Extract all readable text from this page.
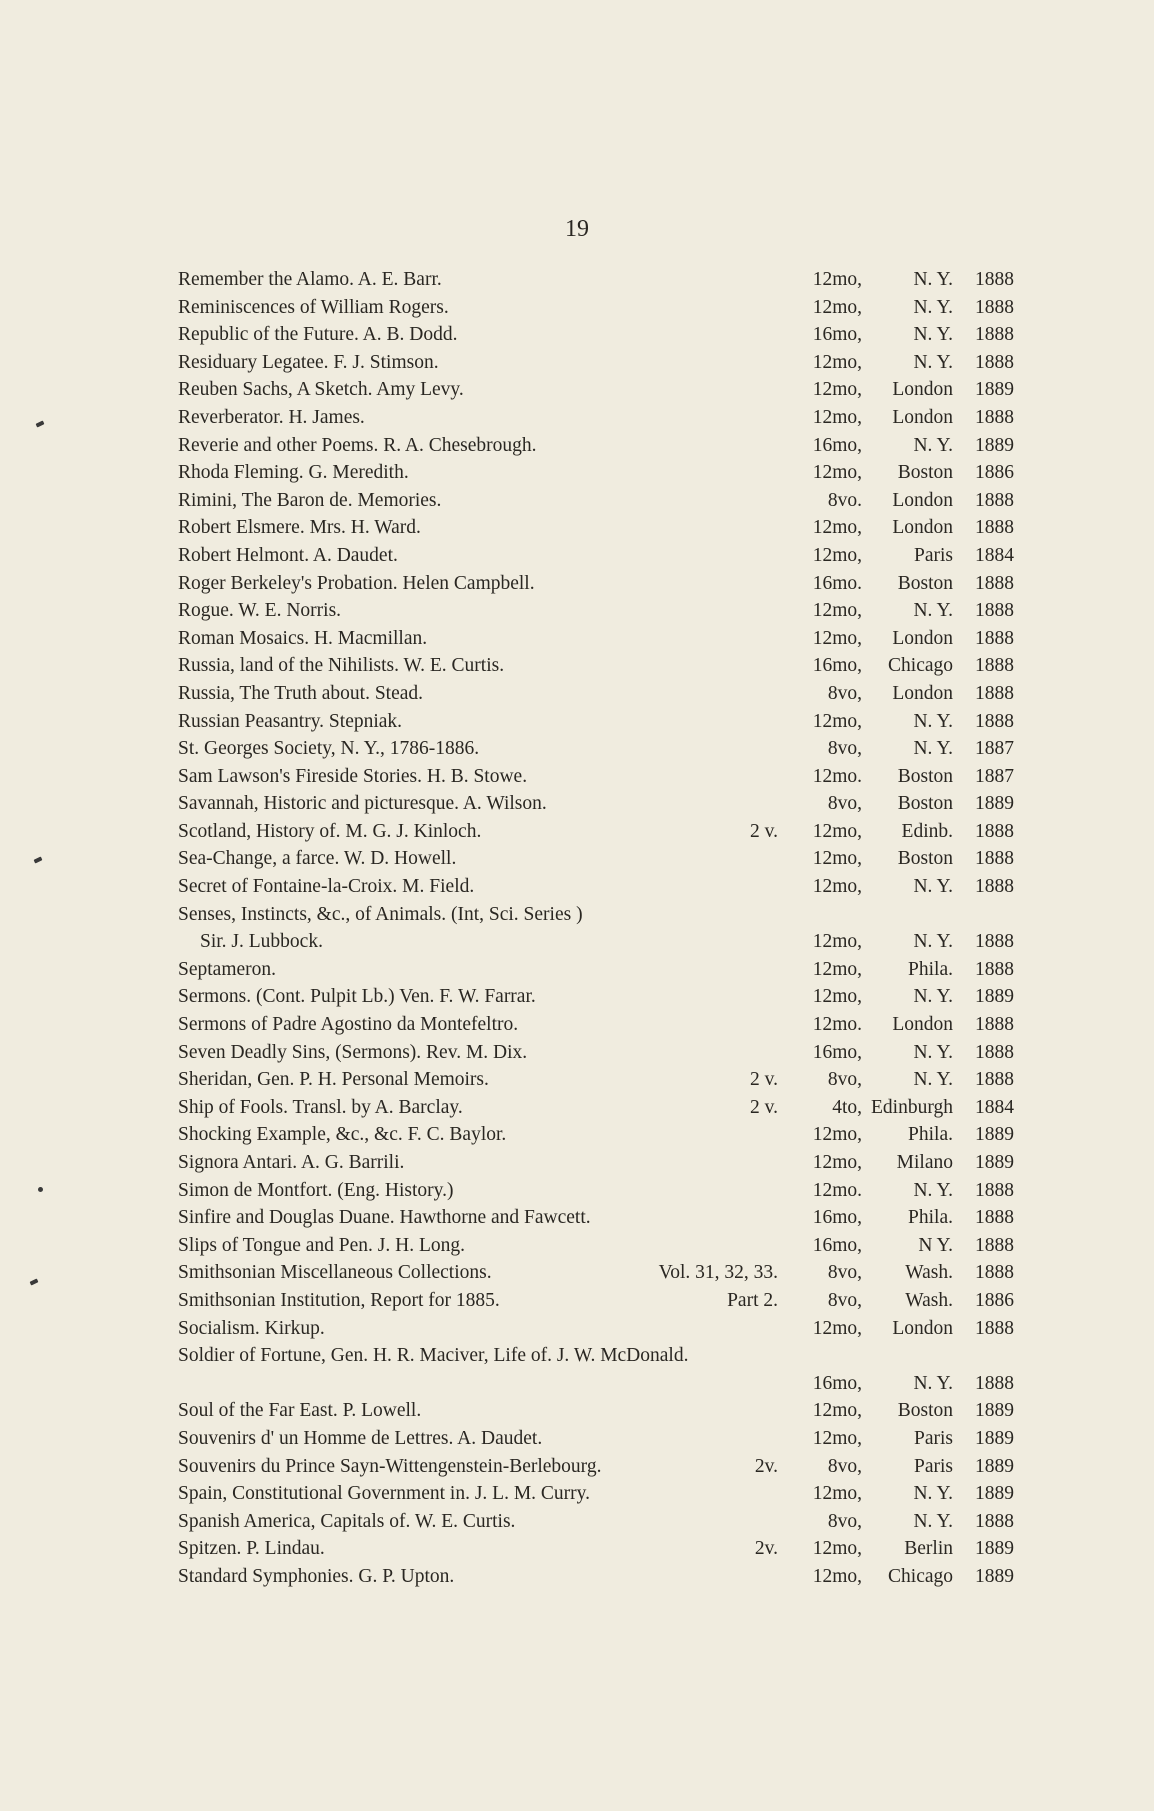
19
Remember the Alamo. A. E. Barr.	12mo,	N. Y. 1888
Reminiscences of William Rogers.	12mo,	N. Y. 1888
Republic of the Future. A. B. Dodd.	16mo,	N. Y. 1888
Residuary Legatee. F. J. Stimson.	12mo,	N. Y. 1888
Reuben Sachs, A Sketch. Amy Levy.	12mo, London 1889
Reverberator. H. James.	12mo, London 1888
Reverie and other Poems. R. A. Chesebrough.	16mo,	N. Y. 1889
Rhoda Fleming. G. Meredith.	12mo, Boston 1886
Rimini, The Baron de. Memories.	8vo. London 1888
Robert Elsmere. Mrs. H. Ward.	12mo, London 1888
Robert Helmont. A. Daudet.	12mo,	Paris 1884
Roger Berkeley's Probation. Helen Campbell.	16mo. Boston 1888
Rogue. W. E. Norris.	12mo,	N. Y. 1888
Roman Mosaics. H. Macmillan.	12mo, London 1888
Russia, land of the Nihilists. W. E. Curtis.	16mo, Chicago 1888
Russia, The Truth about. Stead.	8vo, London 1888
Russian Peasantry. Stepniak.	12mo,	N. Y. 1888
St. Georges Society, N. Y., 1786-1886.	8vo,	N. Y. 1887
Sam Lawson's Fireside Stories. H. B. Stowe.	12mo. Boston 1887
Savannah, Historic and picturesque. A. Wilson.	8vo, Boston 1889
Scotland, History of. M. G. J. Kinloch.	2 v. 12mo, Edinb. 1888
Sea-Change, a farce. W. D. Howell.	12mo, Boston 1888
Secret of Fontaine-la-Croix. M. Field.	12mo,	N. Y. 1888
Senses, Instincts, &c., of Animals. (Int, Sci. Series )
Sir. J. Lubbock.	12mo,	N. Y. 1888
Septameron.	12mo, Phila. 1888
Sermons. (Cont. Pulpit Lb.) Ven. F. W. Farrar.	12mo,	N. Y. 1889
Sermons of Padre Agostino da Montefeltro.	12mo. London 1888
Seven Deadly Sins, (Sermons). Rev. M. Dix.	16mo,	N. Y. 1888
Sheridan, Gen. P. H. Personal Memoirs.	2 v.	8vo,	N. Y. 1888
Ship of Fools. Transl. by A. Barclay.	2 v.	4to, Edinburgh 1884
Shocking Example, &c., &c. F. C. Baylor.	12mo, Phila. 1889
Signora Antari. A. G. Barrili.	12mo, Milano 1889
Simon de Montfort. (Eng. History.)	12mo.	N. Y. 1888
Sinfire and Douglas Duane. Hawthorne and Fawcett.	16mo, Phila. 1888
Slips of Tongue and Pen. J. H. Long.	16mo,	N Y. 1888
Smithsonian Miscellaneous Collections.	Vol. 31, 32, 33.	8vo, Wash. 1888
Smithsonian Institution, Report for 1885.	Part 2.	8vo, Wash. 1886
Socialism. Kirkup.	12mo, London 1888
Soldier of Fortune, Gen. H. R. Maciver, Life of. J. W. McDonald.
16mo,	N. Y. 1888
Soul of the Far East. P. Lowell.	12mo, Boston 1889
Souvenirs d' un Homme de Lettres. A. Daudet.	12mo,	Paris 1889
Souvenirs du Prince Sayn-Wittengenstein-Berlebourg.	2v.	8vo,	Paris 1889
Spain, Constitutional Government in. J. L. M. Curry.	12mo,	N. Y. 1889
Spanish America, Capitals of. W. E. Curtis.	8vo,	N. Y. 1888
Spitzen. P. Lindau.	2v. 12mo, Berlin 1889
Standard Symphonies. G. P. Upton.	12mo, Chicago 1889
